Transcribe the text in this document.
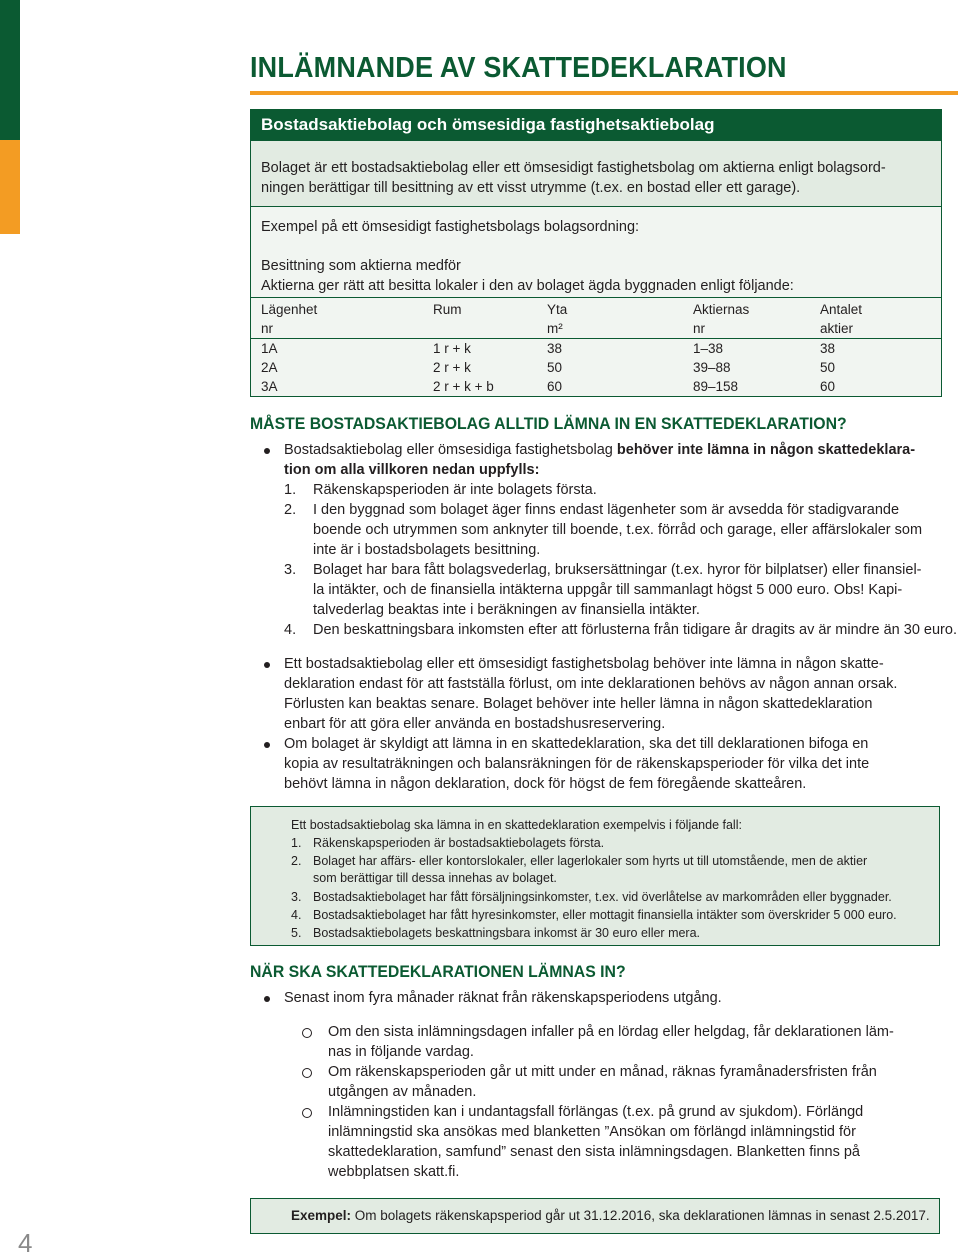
4
INLÄMNANDE AV SKATTEDEKLARATION
Bostadsaktiebolag och ömsesidiga fastighetsaktiebolag

Bolaget är ett bostadsaktiebolag eller ett ömsesidigt fastighetsbolag om aktierna enligt bolagsord-

ningen berättigar till besittning av ett visst utrymme (t.ex. en bostad eller ett garage).

Exempel på ett ömsesidigt fastighetsbolags bolagsordning:

Besittning som aktierna medför

Aktierna ger rätt att besitta lokaler i den av bolaget ägda byggnaden enligt följande:

Lägenhet	Rum	Yta	Aktiernas	Antalet
nr		m²	nr	aktier
1A	1 r + k	38	1–38	38
2A	2 r + k	50	39–88	50
3A	2 r + k + b	60	89–158	60
MÅSTE BOSTADSAKTIEBOLAG ALLTID LÄMNA IN EN SKATTEDEKLARATION?
Bostadsaktiebolag eller ömsesidiga fastighetsbolag behöver inte lämna in någon skattedeklara-
tion om alla villkoren nedan uppfylls:
1. Räkenskapsperioden är inte bolagets första.
2. I den byggnad som bolaget äger finns endast lägenheter som är avsedda för stadigvarande
boende och utrymmen som anknyter till boende, t.ex. förråd och garage, eller affärslokaler som
inte är i bostadsbolagets besittning.
3. Bolaget har bara fått bolagsvederlag, bruksersättningar (t.ex. hyror för bilplatser) eller finansiel-
la intäkter, och de finansiella intäkterna uppgår till sammanlagt högst 5 000 euro. Obs! Kapi-
talvederlag beaktas inte i beräkningen av finansiella intäkter.
4. Den beskattningsbara inkomsten efter att förlusterna från tidigare år dragits av är mindre än 30 euro.
Ett bostadsaktiebolag eller ett ömsesidigt fastighetsbolag behöver inte lämna in någon skatte-
deklaration endast för att fastställa förlust, om inte deklarationen behövs av någon annan orsak.
Förlusten kan beaktas senare. Bolaget behöver inte heller lämna in någon skattedeklaration
enbart för att göra eller använda en bostadshusreservering.
Om bolaget är skyldigt att lämna in en skattedeklaration, ska det till deklarationen bifoga en
kopia av resultaträkningen och balansräkningen för de räkenskapsperioder för vilka det inte
behövt lämna in någon deklaration, dock för högst de fem föregående skatteåren.
Ett bostadsaktiebolag ska lämna in en skattedeklaration exempelvis i följande fall:
1. Räkenskapsperioden är bostadsaktiebolagets första.
2. Bolaget har affärs- eller kontorslokaler, eller lagerlokaler som hyrts ut till utomstående, men de aktier
som berättigar till dessa innehas av bolaget.
3. Bostadsaktiebolaget har fått försäljningsinkomster, t.ex. vid överlåtelse av markområden eller byggnader.
4. Bostadsaktiebolaget har fått hyresinkomster, eller mottagit finansiella intäkter som överskrider 5 000 euro.
5. Bostadsaktiebolagets beskattningsbara inkomst är 30 euro eller mera.
NÄR SKA SKATTEDEKLARATIONEN LÄMNAS IN?
Senast inom fyra månader räknat från räkenskapsperiodens utgång.
Om den sista inlämningsdagen infaller på en lördag eller helgdag, får deklarationen läm-
nas in följande vardag.
Om räkenskapsperioden går ut mitt under en månad, räknas fyramånadersfristen från
utgången av månaden.
Inlämningstiden kan i undantagsfall förlängas (t.ex. på grund av sjukdom). Förlängd
inlämningstid ska ansökas med blanketten ”Ansökan om förlängd inlämningstid för
skattedeklaration, samfund” senast den sista inlämningsdagen. Blanketten finns på
webbplatsen skatt.fi.
Exempel: Om bolagets räkenskapsperiod går ut 31.12.2016, ska deklarationen lämnas in senast 2.5.2017.
